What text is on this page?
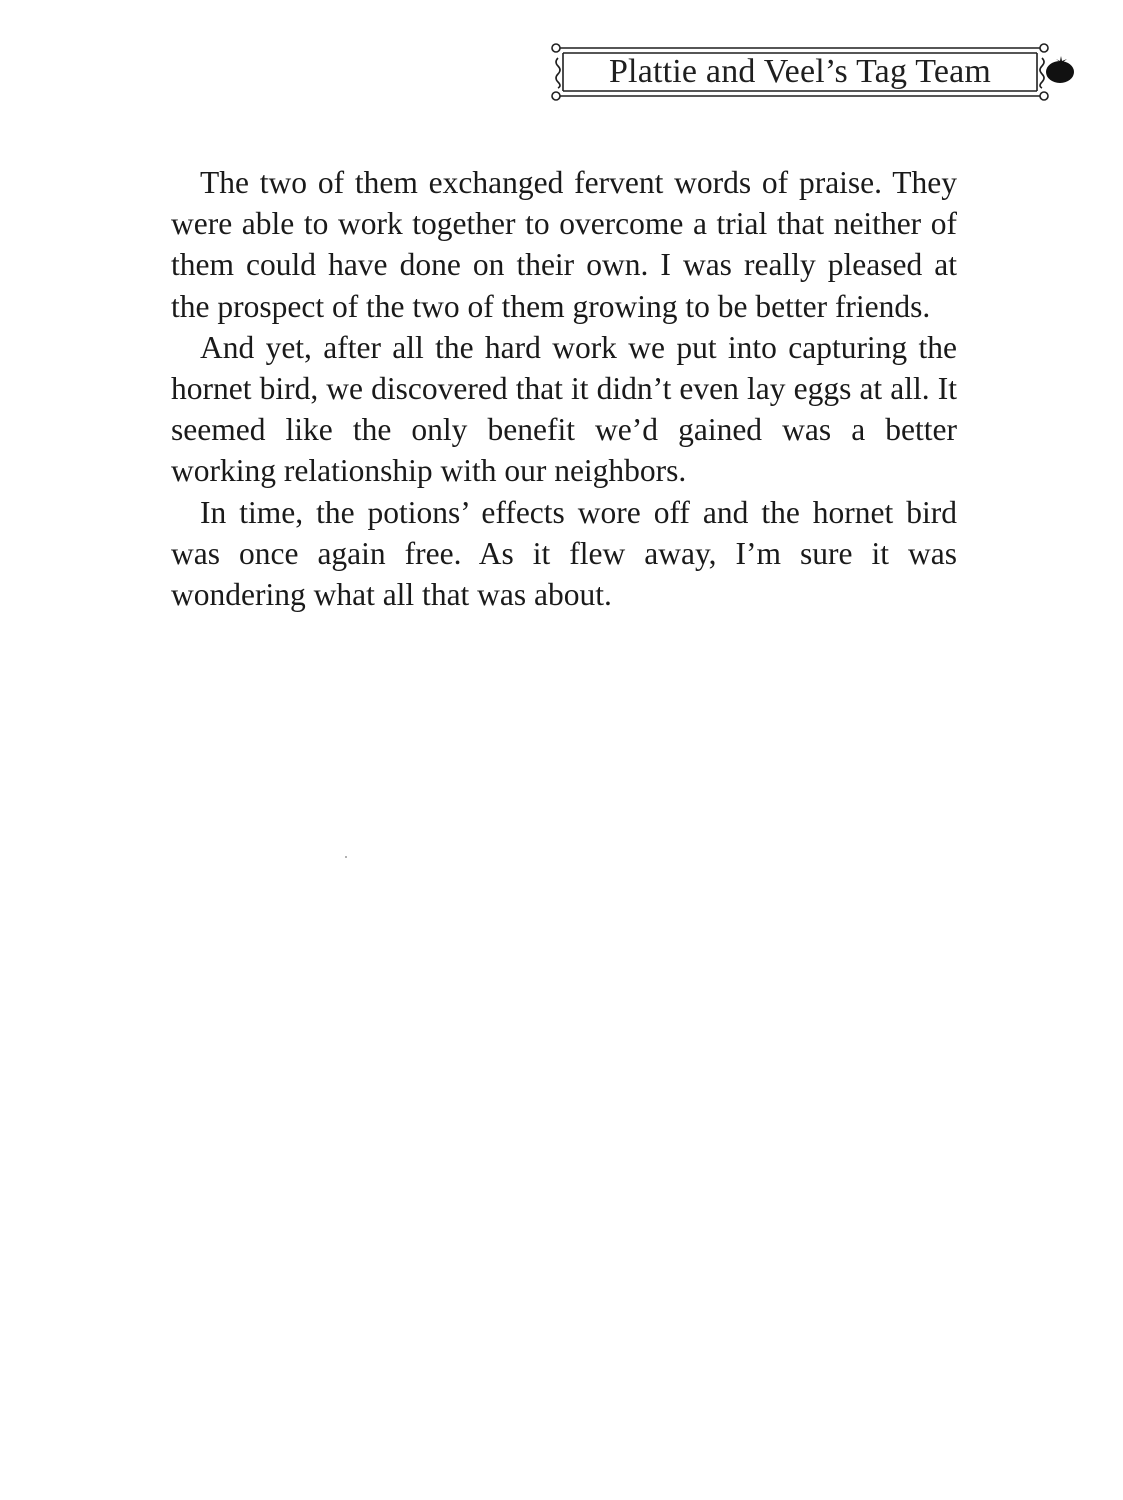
Plattie and Veel’s Tag Team

The two of them exchanged fervent words of praise. They were able to work together to overcome a trial that neither of them could have done on their own. I was really pleased at the prospect of the two of them growing to be better friends.

And yet, after all the hard work we put into capturing the hornet bird, we discovered that it didn’t even lay eggs at all. It seemed like the only benefit we’d gained was a better working relationship with our neighbors.

In time, the potions’ effects wore off and the hornet bird was once again free. As it flew away, I’m sure it was wondering what all that was about.
